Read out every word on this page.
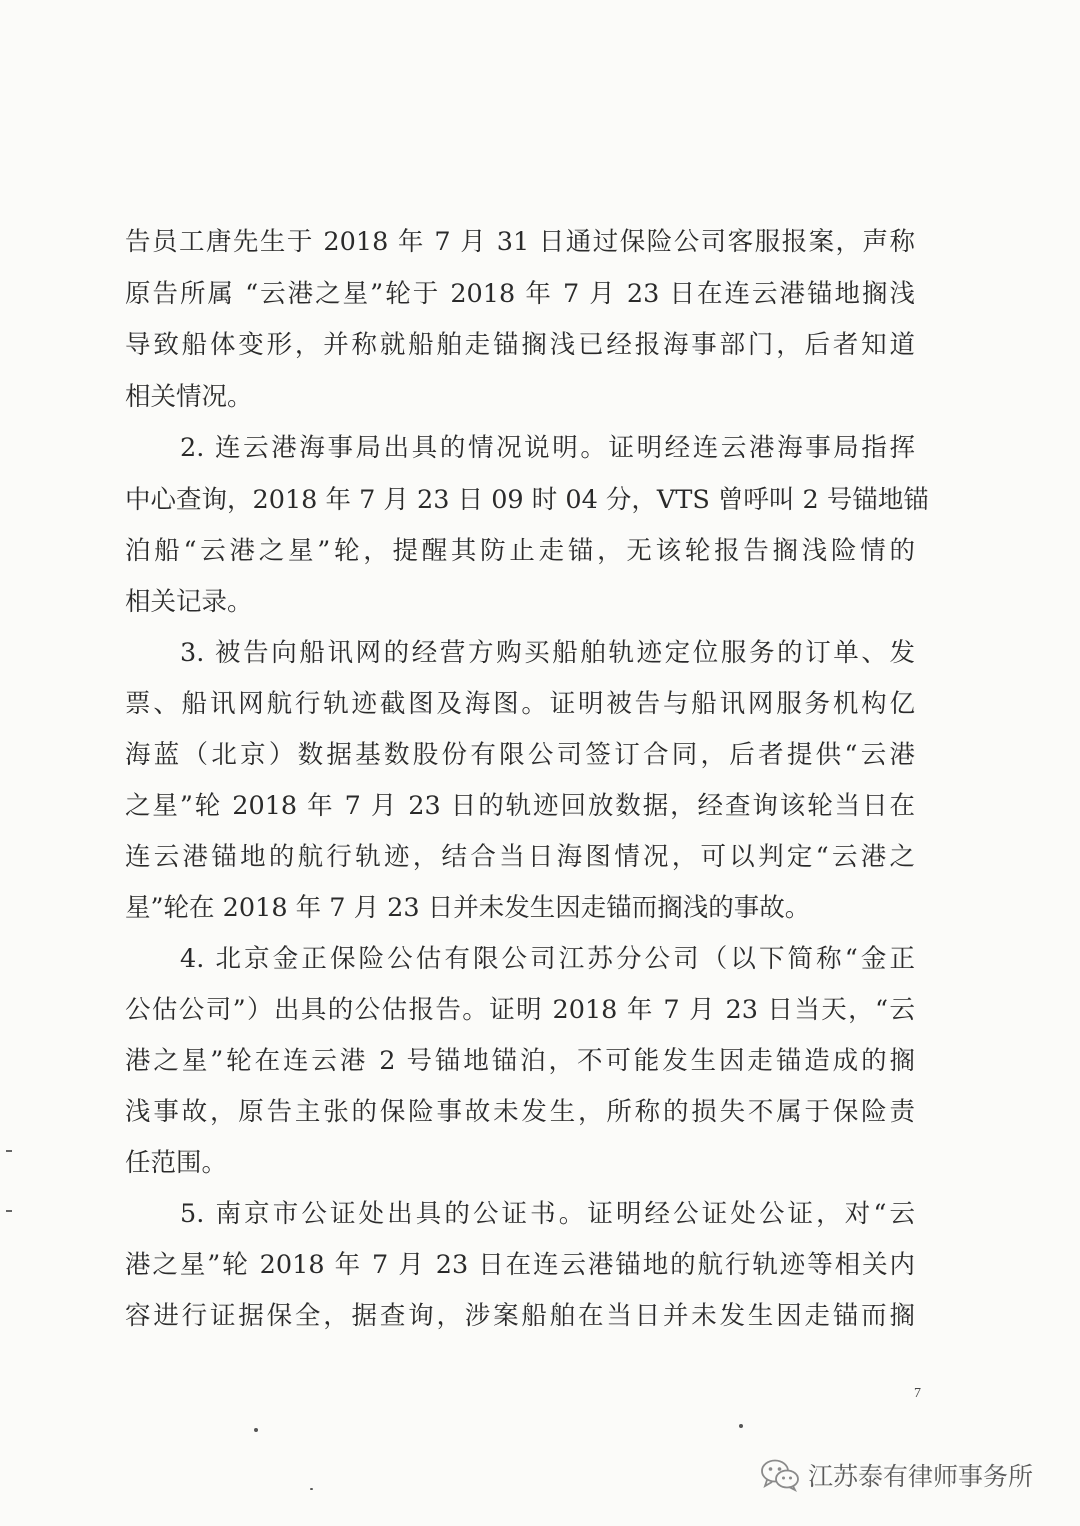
告员工唐先生于 2018 年 7 月 31 日通过保险公司客服报案，声称
原告所属 “云港之星”轮于 2018 年 7 月 23 日在连云港锚地搁浅
导致船体变形，并称就船舶走锚搁浅已经报海事部门，后者知道
相关情况。
2. 连云港海事局出具的情况说明。证明经连云港海事局指挥
中心查询，2018 年 7 月 23 日 09 时 04 分，VTS 曾呼叫 2 号锚地锚
泊船“云港之星”轮，提醒其防止走锚，无该轮报告搁浅险情的
相关记录。
3. 被告向船讯网的经营方购买船舶轨迹定位服务的订单、发
票、船讯网航行轨迹截图及海图。证明被告与船讯网服务机构亿
海蓝（北京）数据基数股份有限公司签订合同，后者提供“云港
之星”轮 2018 年 7 月 23 日的轨迹回放数据，经查询该轮当日在
连云港锚地的航行轨迹，结合当日海图情况，可以判定“云港之
星”轮在 2018 年 7 月 23 日并未发生因走锚而搁浅的事故。
4. 北京金正保险公估有限公司江苏分公司（以下简称“金正
公估公司”）出具的公估报告。证明 2018 年 7 月 23 日当天，“云
港之星”轮在连云港 2 号锚地锚泊，不可能发生因走锚造成的搁
浅事故，原告主张的保险事故未发生，所称的损失不属于保险责
任范围。
5. 南京市公证处出具的公证书。证明经公证处公证，对“云
港之星”轮 2018 年 7 月 23 日在连云港锚地的航行轨迹等相关内
容进行证据保全，据查询，涉案船舶在当日并未发生因走锚而搁
7
江苏泰有律师事务所
